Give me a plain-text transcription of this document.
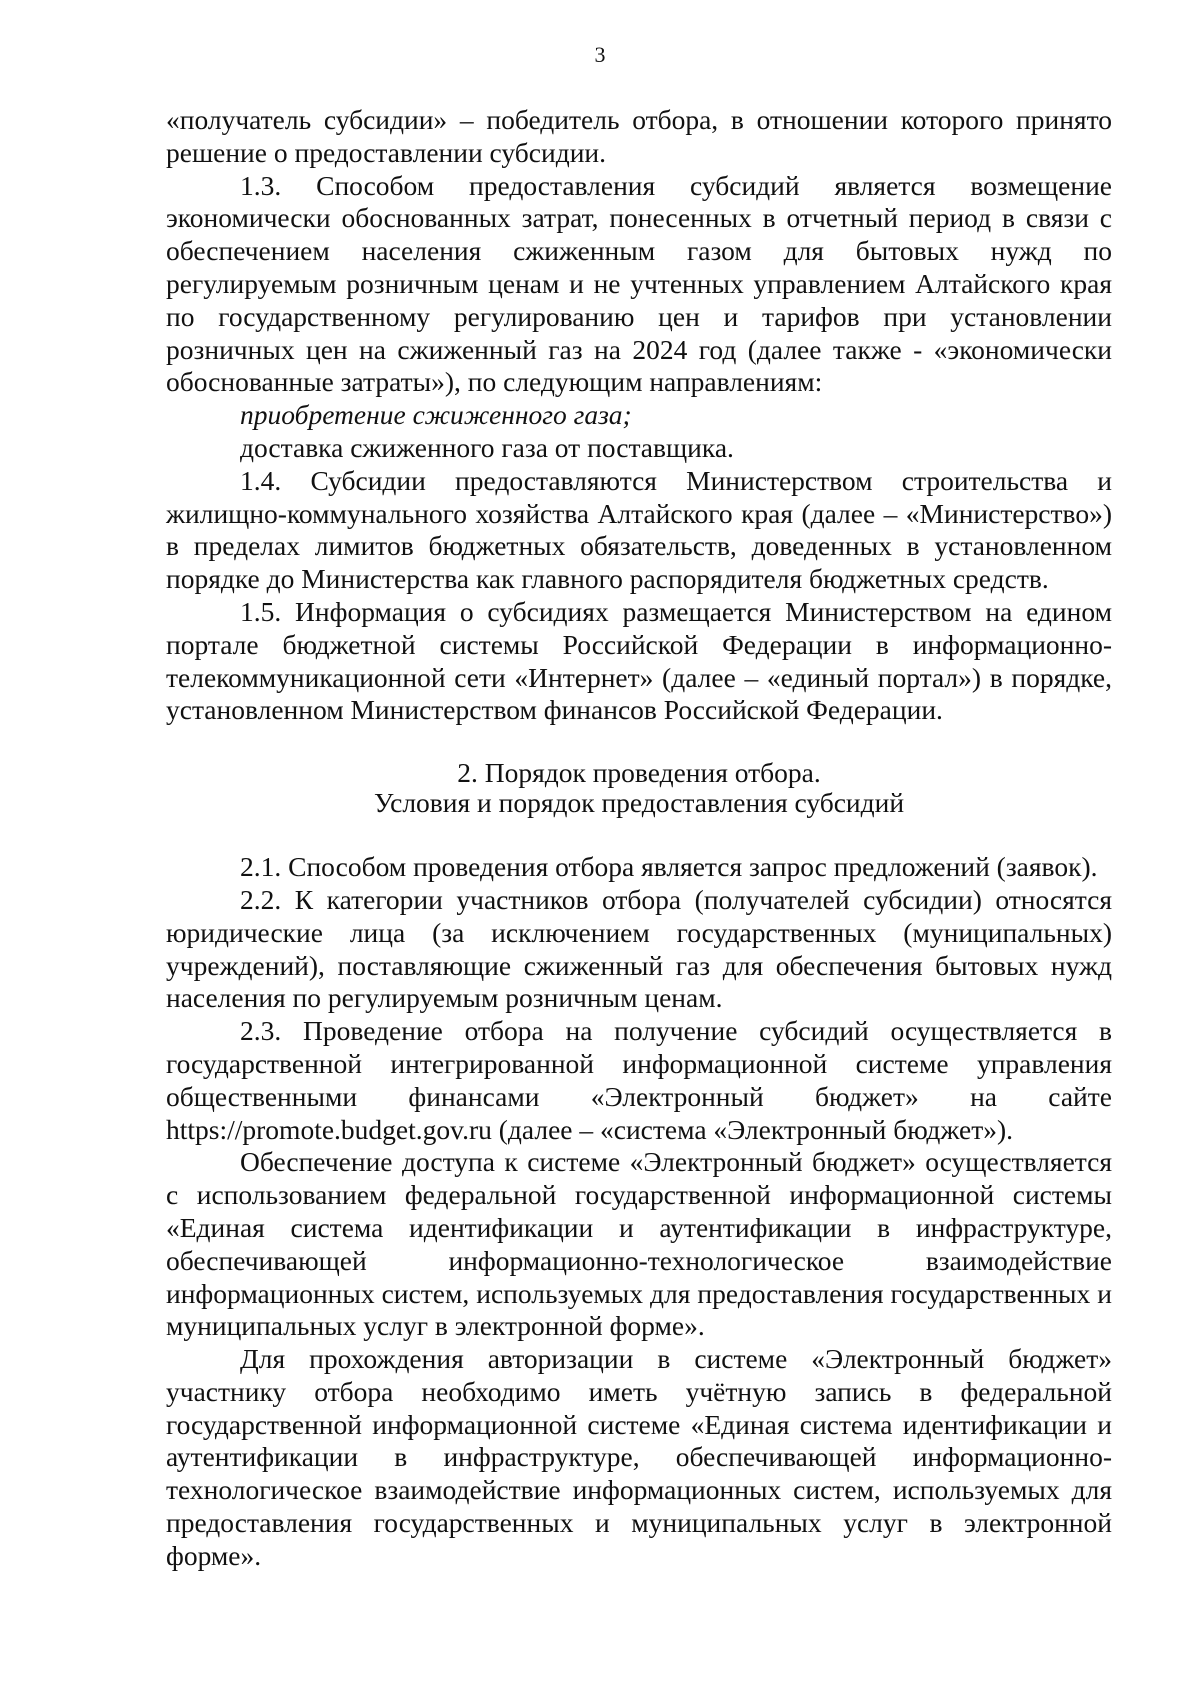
3

«получатель субсидии» – победитель отбора, в отношении которого принято решение о предоставлении субсидии.

1.3. Способом предоставления субсидий является возмещение экономически обоснованных затрат, понесенных в отчетный период в связи с обеспечением населения сжиженным газом для бытовых нужд по регулируемым розничным ценам и не учтенных управлением Алтайского края по государственному регулированию цен и тарифов при установлении розничных цен на сжиженный газ на 2024 год (далее также - «экономически обоснованные затраты»), по следующим направлениям:

приобретение сжиженного газа;

доставка сжиженного газа от поставщика.

1.4. Субсидии предоставляются Министерством строительства и жилищно-коммунального хозяйства Алтайского края (далее – «Министерство») в пределах лимитов бюджетных обязательств, доведенных в установленном порядке до Министерства как главного распорядителя бюджетных средств.

1.5. Информация о субсидиях размещается Министерством на едином портале бюджетной системы Российской Федерации в информационно-телекоммуникационной сети «Интернет» (далее – «единый портал») в порядке, установленном Министерством финансов Российской Федерации.

2. Порядок проведения отбора.
Условия и порядок предоставления субсидий

2.1. Способом проведения отбора является запрос предложений (заявок).

2.2. К категории участников отбора (получателей субсидии) относятся юридические лица (за исключением государственных (муниципальных) учреждений), поставляющие сжиженный газ для обеспечения бытовых нужд населения по регулируемым розничным ценам.

2.3. Проведение отбора на получение субсидий осуществляется в государственной интегрированной информационной системе управления общественными финансами «Электронный бюджет» на сайте https://promote.budget.gov.ru (далее – «система «Электронный бюджет»).

Обеспечение доступа к системе «Электронный бюджет» осуществляется с использованием федеральной государственной информационной системы «Единая система идентификации и аутентификации в инфраструктуре, обеспечивающей информационно-технологическое взаимодействие информационных систем, используемых для предоставления государственных и муниципальных услуг в электронной форме».

Для прохождения авторизации в системе «Электронный бюджет» участнику отбора необходимо иметь учётную запись в федеральной государственной информационной системе «Единая система идентификации и аутентификации в инфраструктуре, обеспечивающей информационно-технологическое взаимодействие информационных систем, используемых для предоставления государственных и муниципальных услуг в электронной форме».
